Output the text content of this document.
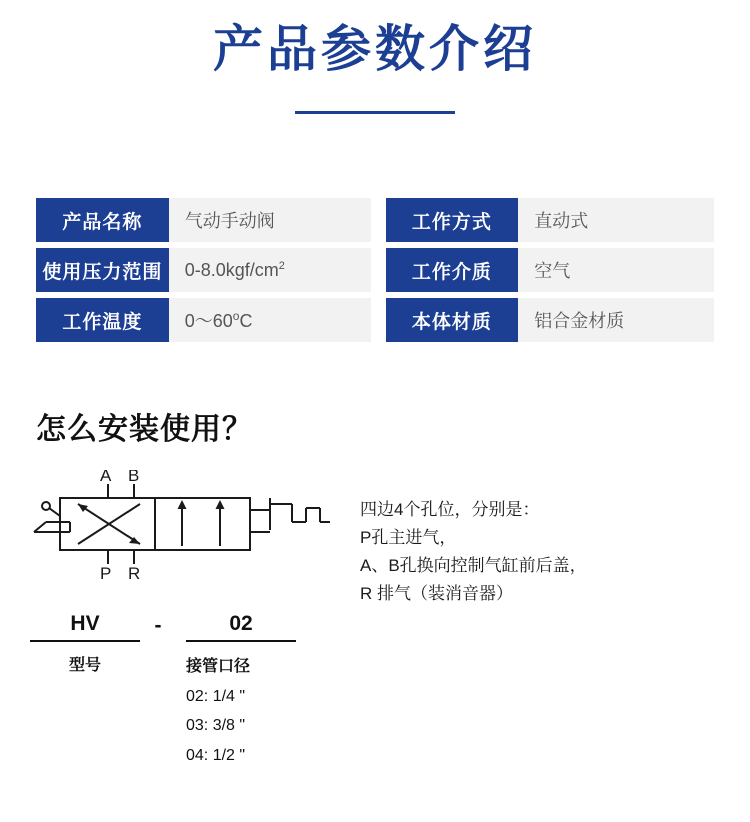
产品参数介绍
产品名称	气动手动阀		工作方式	直动式
使用压力范围	$0-8.0kgf/cm^2$		工作介质	空气
工作温度	0～60$^o$C		本体材质	铝合金材质
怎么安装使用？
A B
P R
四边4个孔位，分别是：
P孔主进气，
A、B孔换向控制气缸前后盖，
R 排气（装消音器）
HV	-	02
型号	接管口径
02: 1/4 "
03: 3/8 "
04: 1/2 "
